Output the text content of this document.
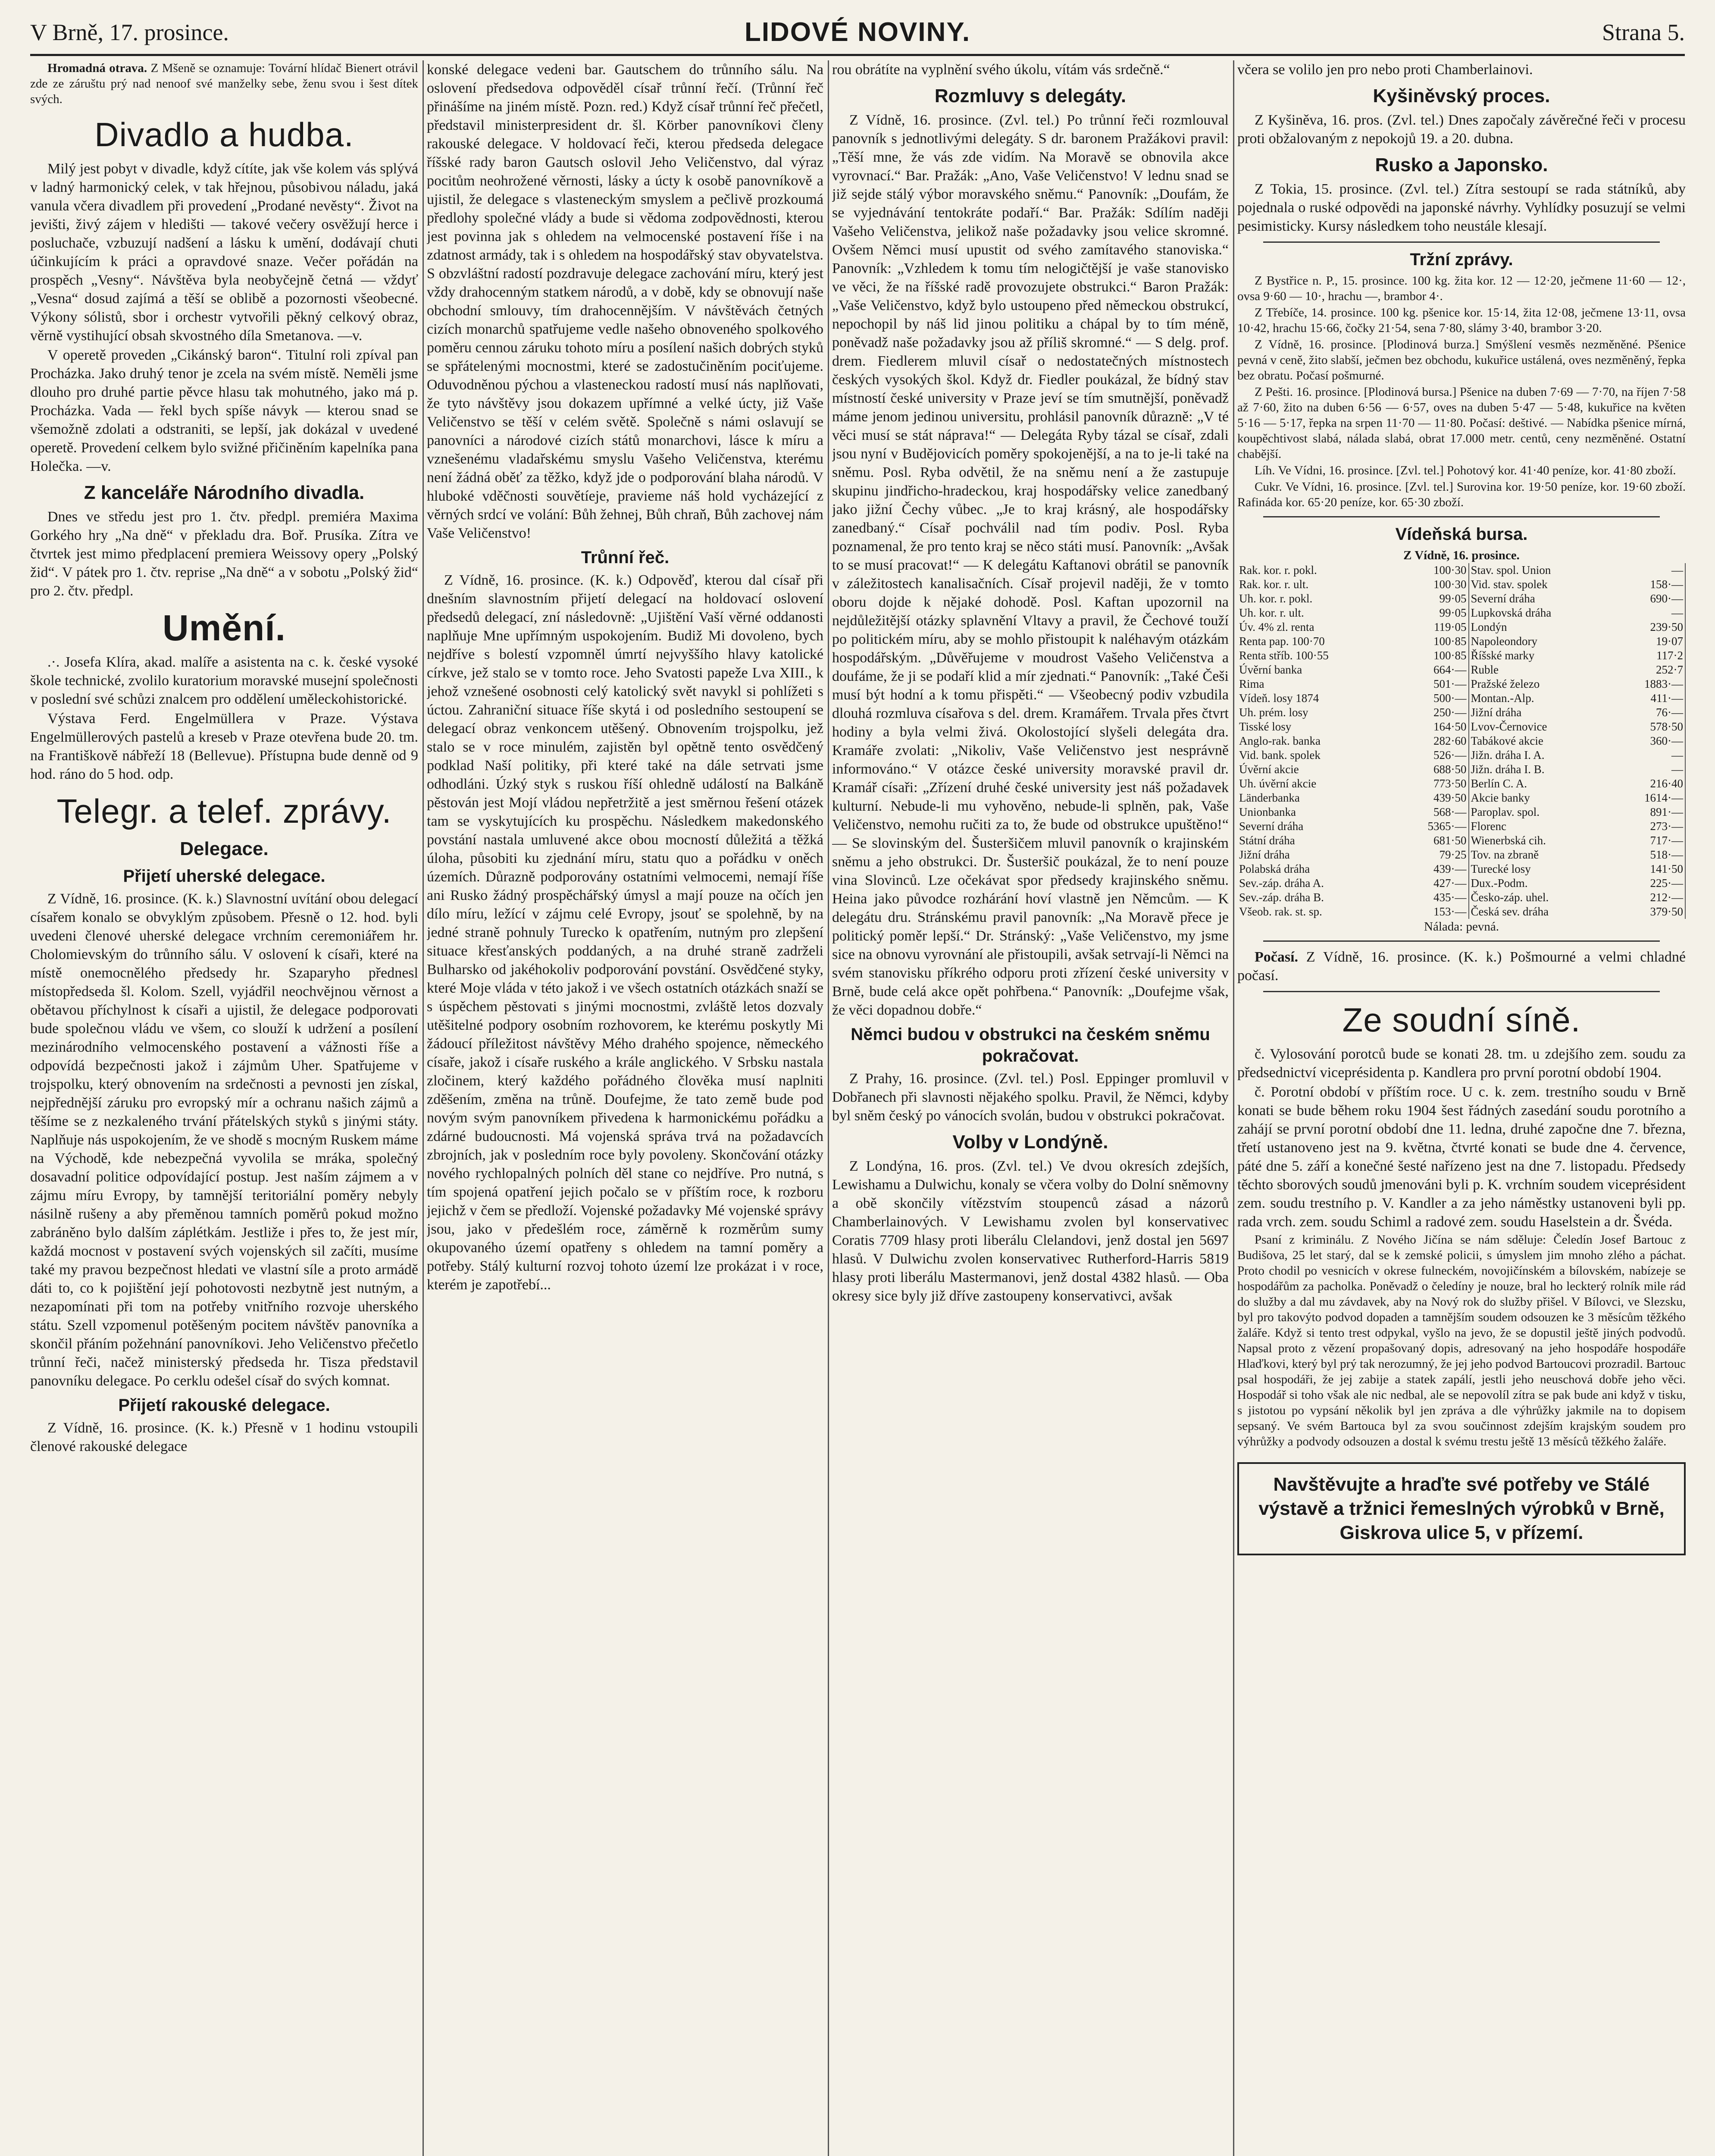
V Brně, 17. prosince.	LIDOVÉ NOVINY.	Strana 5.

Hromadná otrava. Z Mšeně se oznamuje: Tovární hlídač Bienert otrávil zde ze záruštu prý nad nenoof své manželky sebe, ženu svou i šest dítek svých.

Divadlo a hudba.

Milý jest pobyt v divadle, když cítíte, jak vše kolem vás splývá v ladný harmonický celek, v tak hřejnou, působivou náladu, jaká vanula včera divadlem při provedení „Prodané nevěsty“. Život na jevišti, živý zájem v hledišti — takové večery osvěžují herce i posluchače, vzbuzují nadšení a lásku k umění, dodávají chuti účinkujícím k práci a opravdové snaze. Večer pořádán na prospěch „Vesny“. Návštěva byla neobyčejně četná — vždyť „Vesna“ dosud zajímá a těší se oblibě a pozornosti všeobecné. Výkony sólistů, sbor i orchestr vytvořili pěkný celkový obraz, věrně vystihující obsah skvostného díla Smetanova. —v.

V operetě proveden „Cikánský baron“. Titulní roli zpíval pan Procházka. Jako druhý tenor je zcela na svém místě. Neměli jsme dlouho pro druhé partie pěvce hlasu tak mohutného, jako má p. Procházka. Vada — řekl bych spíše návyk — kterou snad se všemožně zdolati a odstraniti, se lepší, jak dokázal v uvedené operetě. Provedení celkem bylo svižné přičiněním kapelníka pana Holečka. —v.

Z kanceláře Národního divadla.

Dnes ve středu jest pro 1. čtv. předpl. premiéra Maxima Gorkého hry „Na dně“ v překladu dra. Boř. Prusíka. Zítra ve čtvrtek jest mimo předplacení premiera Weissovy opery „Polský žid“. V pátek pro 1. čtv. reprise „Na dně“ a v sobotu „Polský žid“ pro 2. čtv. předpl.

Umění.

.·. Josefa Klíra, akad. malíře a asistenta na c. k. české vysoké škole technické, zvolilo kuratorium moravské musejní společnosti v poslední své schůzi znalcem pro oddělení uměleckohistorické.

Výstava Ferd. Engelmüllera v Praze. Výstava Engelmüllerových pastelů a kreseb v Praze otevřena bude 20. tm. na Františkově nábřeží 18 (Bellevue). Přístupna bude denně od 9 hod. ráno do 5 hod. odp.

Telegr. a telef. zprávy.
Delegace.
Přijetí uherské delegace.

Z Vídně, 16. prosince. (K. k.) Slavnostní uvítání obou delegací císařem konalo se obvyklým způsobem. Přesně o 12. hod. byli uvedeni členové uherské delegace vrchním ceremoniářem hr. Cholomievským do trůnního sálu. V oslovení k císaři, které na místě onemocnělého předsedy hr. Szaparyho přednesl místopředseda šl. Kolom. Szell, vyjádřil neochvějnou věrnost a obětavou příchylnost k císaři a ujistil, že delegace podporovati bude společnou vládu ve všem, co slouží k udržení a posílení mezinárodního velmocenského postavení a vážnosti říše a odpovídá bezpečnosti jakož i zájmům Uher. Spatřujeme v trojspolku, který obnovením na srdečnosti a pevnosti jen získal, nejpřednější záruku pro evropský mír a ochranu našich zájmů a těšíme se z nezkaleného trvání přátelských styků s jinými státy. Naplňuje nás uspokojením, že ve shodě s mocným Ruskem máme na Východě, kde nebezpečná vyvolila se mráka, společný dosavadní politice odpovídající postup. Jest naším zájmem a v zájmu míru Evropy, by tamnější teritoriální poměry nebyly násilně rušeny a aby přeměnou tamních poměrů pokud možno zabráněno bylo dalším záplétkám. Jestliže i přes to, že jest mír, každá mocnost v postavení svých vojenských sil začíti, musíme také my pravou bezpečnost hledati ve vlastní síle a proto armádě dáti to, co k pojištění její pohotovosti nezbytně jest nutným, a nezapomínati při tom na potřeby vnitřního rozvoje uherského státu. Szell vzpomenul potěšeným pocitem návštěv panovníka a skončil přáním požehnání panovníkovi. Jeho Veličenstvo přečetlo trůnní řeči, načež ministerský předseda hr. Tisza představil panovníku delegace. Po cerklu odešel císař do svých komnat.

Přijetí rakouské delegace.

Z Vídně, 16. prosince. (K. k.) Přesně v 1 hodinu vstoupili členové rakouské delegace

konské delegace vedeni bar. Gautschem do trůnního sálu. Na oslovení předsedova odpověděl císař trůnní řečí. (Trůnní řeč přinášíme na jiném místě. Pozn. red.) Když císař trůnní řeč přečetl, představil ministerpresident dr. šl. Körber panovníkovi členy rakouské delegace. V holdovací řeči, kterou předseda delegace říšské rady baron Gautsch oslovil Jeho Veličenstvo, dal výraz pocitům neohrožené věrnosti, lásky a úcty k osobě panovníkově a ujistil, že delegace s vlasteneckým smyslem a pečlivě prozkoumá předlohy společné vlády a bude si vědoma zodpovědnosti, kterou jest povinna jak s ohledem na velmocenské postavení říše i na zdatnost armády, tak i s ohledem na hospodářský stav obyvatelstva. S obzvláštní radostí pozdravuje delegace zachování míru, který jest vždy drahocenným statkem národů, a v době, kdy se obnovují naše obchodní smlouvy, tím drahocennějším. V návštěvách četných cizích monarchů spatřujeme vedle našeho obnoveného spolkového poměru cennou záruku tohoto míru a posílení našich dobrých styků se spřátelenými mocnostmi, které se zadostučiněním pociťujeme. Oduvodněnou pýchou a vlasteneckou radostí musí nás naplňovati, že tyto návštěvy jsou dokazem upřímné a velké úcty, již Vaše Veličenstvo se těší v celém světě. Společně s námi oslavují se panovníci a národové cizích států monarchovi, lásce k míru a vznešenému vladařskému smyslu Vašeho Veličenstva, kterému není žádná oběť za těžko, když jde o podporování blaha národů. V hluboké vděčnosti souvětíeje, pravieme náš hold vycházející z věrných srdcí ve volání: Bůh žehnej, Bůh chraň, Bůh zachovej nám Vaše Veličenstvo!

Trůnní řeč.

Z Vídně, 16. prosince. (K. k.) Odpověď, kterou dal císař při dnešním slavnostním přijetí delegací na holdovací oslovení předsedů delegací, zní následovně: „Ujištění Vaší věrné oddanosti naplňuje Mne upřímným uspokojením. Budiž Mi dovoleno, bych nejdříve s bolestí vzpomněl úmrtí nejvyššího hlavy katolické církve, jež stalo se v tomto roce. Jeho Svatosti papeže Lva XIII., k jehož vznešené osobnosti celý katolický svět navykl si pohlížeti s úctou. Zahraniční situace říše skytá i od posledního sestoupení se delegací obraz venkoncem utěšený. Obnovením trojspolku, jež stalo se v roce minulém, zajistěn byl opětně tento osvědčený podklad Naší politiky, při které také na dále setrvati jsme odhodláni. Úzký styk s ruskou říší ohledně událostí na Balkáně pěstován jest Mojí vládou nepřetržitě a jest směrnou řešení otázek tam se vyskytujících ku prospěchu. Následkem makedonského povstání nastala umluvené akce obou mocností důležitá a těžká úloha, působiti ku zjednání míru, statu quo a pořádku v oněch územích. Důrazně podporovány ostatními velmocemi, nemají říše ani Rusko žádný prospěchářský úmysl a mají pouze na očích jen dílo míru, ležící v zájmu celé Evropy, jsouť se spolehně, by na jedné straně pohnuly Turecko k opatřením, nutným pro zlepšení situace křesťanských poddaných, a na druhé straně zadrželi Bulharsko od jakéhokoliv podporování povstání. Osvědčené styky, které Moje vláda v této jakož i ve všech ostatních otázkách snaží se s úspěchem pěstovati s jinými mocnostmi, zvláště letos dozvaly utěšitelné podpory osobním rozhovorem, ke kterému poskytly Mi žádoucí příležitost návštěvy Mého drahého spojence, německého císaře, jakož i císaře ruského a krále anglického. V Srbsku nastala zločinem, který každého pořádného člověka musí naplniti zděšením, změna na trůně. Doufejme, že tato země bude pod novým svým panovníkem přivedena k harmonickému pořádku a zdárné budoucnosti. Má vojenská správa trvá na požadavcích zbrojních, jak v posledním roce byly povoleny. Skončování otázky nového rychlopalných polních děl stane co nejdříve. Pro nutná, s tím spojená opatření jejich počalo se v příštím roce, k rozboru jejichž v čem se předloží. Vojenské požadavky Mé vojenské správy jsou, jako v předešlém roce, záměrně k rozměrům sumy okupovaného území opatřeny s ohledem na tamní poměry a potřeby. Stálý kulturní rozvoj tohoto území lze prokázat i v roce, kterém je zapotřebí...

rou obrátíte na vyplnění svého úkolu, vítám vás srdečně.“

Rozmluvy s delegáty.

Z Vídně, 16. prosince. (Zvl. tel.) Po trůnní řeči rozmlouval panovník s jednotlivými delegáty. S dr. baronem Pražákovi pravil: „Těší mne, že vás zde vidím. Na Moravě se obnovila akce vyrovnací.“ Bar. Pražák: „Ano, Vaše Veličenstvo! V lednu snad se již sejde stálý výbor moravského sněmu.“ Panovník: „Doufám, že se vyjednávání tentokráte podaří.“ Bar. Pražák: Sdílím naději Vašeho Veličenstva, jelikož naše požadavky jsou velice skromné. Ovšem Němci musí upustit od svého zamítavého stanoviska.“ Panovník: „Vzhledem k tomu tím nelogičtější je vaše stanovisko ve věci, že na říšské radě provozujete obstrukci.“ Baron Pražák: „Vaše Veličenstvo, když bylo ustoupeno před německou obstrukcí, nepochopil by náš lid jinou politiku a chápal by to tím méně, poněvadž naše požadavky jsou až příliš skromné.“ — S delg. prof. drem. Fiedlerem mluvil císař o nedostatečných místnostech českých vysokých škol. Když dr. Fiedler poukázal, že bídný stav místností české university v Praze jeví se tím smutnější, poněvadž máme jenom jedinou universitu, prohlásil panovník důrazně: „V té věci musí se stát náprava!“ — Delegáta Ryby tázal se císař, zdali jsou nyní v Budějovicích poměry spokojenější, a na to je-li také na sněmu. Posl. Ryba odvětil, že na sněmu není a že zastupuje skupinu jindřicho-hradeckou, kraj hospodářsky velice zanedbaný jako jižní Čechy vůbec. „Je to kraj krásný, ale hospodářsky zanedbaný.“ Císař pochválil nad tím podiv. Posl. Ryba poznamenal, že pro tento kraj se něco státi musí. Panovník: „Avšak to se musí pracovat!“ — K delegátu Kaftanovi obrátil se panovník v záležitostech kanalisačních. Císař projevil naději, že v tomto oboru dojde k nějaké dohodě. Posl. Kaftan upozornil na nejdůležitější otázky splavnění Vltavy a pravil, že Čechové touží po politickém míru, aby se mohlo přistoupit k naléhavým otázkám hospodářským. „Důvěřujeme v moudrost Vašeho Veličenstva a doufáme, že ji se podaří klid a mír zjednati.“ Panovník: „Také Češi musí být hodní a k tomu přispěti.“ — Všeobecný podiv vzbudila dlouhá rozmluva císařova s del. drem. Kramářem. Trvala přes čtvrt hodiny a byla velmi živá. Okolostojící slyšeli delegáta dra. Kramáře zvolati: „Nikoliv, Vaše Veličenstvo jest nesprávně informováno.“ V otázce české university moravské pravil dr. Kramář císaři: „Zřízení druhé české university jest náš požadavek kulturní. Nebude-li mu vyhověno, nebude-li splněn, pak, Vaše Veličenstvo, nemohu ručiti za to, že bude od obstrukce upuštěno!“ — Se slovinským del. Šusteršičem mluvil panovník o krajinském sněmu a jeho obstrukci. Dr. Šusteršič poukázal, že to není pouze vina Slovinců. Lze očekávat spor předsedy krajinského sněmu. Heina jako původce rozhárání hoví vlastně jen Němcům. — K delegátu dru. Stránskému pravil panovník: „Na Moravě přece je politický poměr lepší.“ Dr. Stránský: „Vaše Veličenstvo, my jsme sice na obnovu vyrovnání ale přistoupili, avšak setrvají-li Němci na svém stanovisku příkrého odporu proti zřízení české university v Brně, bude celá akce opět pohřbena.“ Panovník: „Doufejme však, že věci dopadnou dobře.“

Němci budou v obstrukci na českém sněmu pokračovat.

Z Prahy, 16. prosince. (Zvl. tel.) Posl. Eppinger promluvil v Dobřanech při slavnosti nějakého spolku. Pravil, že Němci, kdyby byl sněm český po vánocích svolán, budou v obstrukci pokračovat.

Volby v Londýně.

Z Londýna, 16. pros. (Zvl. tel.) Ve dvou okresích zdejších, Lewishamu a Dulwichu, konaly se včera volby do Dolní sněmovny a obě skončily vítězstvím stoupenců zásad a názorů Chamberlainových. V Lewishamu zvolen byl konservativec Coratis 7709 hlasy proti liberálu Clelandovi, jenž dostal jen 5697 hlasů. V Dulwichu zvolen konservativec Rutherford-Harris 5819 hlasy proti liberálu Mastermanovi, jenž dostal 4382 hlasů. — Oba okresy sice byly již dříve zastoupeny konservativci, avšak

včera se volilo jen pro nebo proti Chamberlainovi.

Kyšiněvský proces.

Z Kyšiněva, 16. pros. (Zvl. tel.) Dnes započaly závěrečné řeči v procesu proti obžalovaným z nepokojů 19. a 20. dubna.

Rusko a Japonsko.

Z Tokia, 15. prosince. (Zvl. tel.) Zítra sestoupí se rada státníků, aby pojednala o ruské odpovědi na japonské návrhy. Vyhlídky posuzují se velmi pesimisticky. Kursy následkem toho neustále klesají.

Tržní zprávy.

Z Bystřice n. P., 15. prosince. 100 kg. žita kor. 12 — 12·20, ječmene 11·60 — 12·, ovsa 9·60 — 10·, hrachu —, brambor 4·.

Z Třebíče, 14. prosince. 100 kg. pšenice kor. 15·14, žita 12·08, ječmene 13·11, ovsa 10·42, hrachu 15·66, čočky 21·54, sena 7·80, slámy 3·40, brambor 3·20.

Z Vídně, 16. prosince. [Plodinová burza.] Smýšlení vesměs nezměněné. Pšenice pevná v ceně, žito slabší, ječmen bez obchodu, kukuřice ustálená, oves nezměněný, řepka bez obratu. Počasí pošmurné.

Z Pešti. 16. prosince. [Plodinová bursa.] Pšenice na duben 7·69 — 7·70, na říjen 7·58 až 7·60, žito na duben 6·56 — 6·57, oves na duben 5·47 — 5·48, kukuřice na květen 5·16 — 5·17, řepka na srpen 11·70 — 11·80. Počasí: deštivé. — Nabídka pšenice mírná, koupěchtivost slabá, nálada slabá, obrat 17.000 metr. centů, ceny nezměněné. Ostatní chabější.

Líh. Ve Vídni, 16. prosince. [Zvl. tel.] Pohotový kor. 41·40 peníze, kor. 41·80 zboží.

Cukr. Ve Vídni, 16. prosince. [Zvl. tel.] Surovina kor. 19·50 peníze, kor. 19·60 zboží. Rafináda kor. 65·20 peníze, kor. 65·30 zboží.

Vídeňská bursa.
Z Vídně, 16. prosince.
Rak. kor. r. pokl.	100·30	Stav. spol. Union	—
Rak. kor. r. ult.	100·30	Vid. stav. spolek	158·—
Uh. kor. r. pokl.	99·05	Severní dráha	690·—
Uh. kor. r. ult.	99·05	Lupkovská dráha	—
Úv. 4% zl. renta	119·05	Londýn	239·50
Renta pap. 100·70	100·85	Napoleondory	19·07
Renta stříb. 100·55	100·85	Říšské marky	117·2
Úvěrní banka	664·—	Ruble	252·7
Rima	501·—	Pražské železo	1883·—
Vídeň. losy 1874	500·—	Montan.-Alp.	411·—
Uh. prém. losy	250·—	Jižní dráha	76·—
Tisské losy	164·50	Lvov-Černovice	578·50
Anglo-rak. banka	282·60	Tabákové akcie	360·—
Vid. bank. spolek	526·—	Jižn. dráha I. A.	—
Úvěrní akcie	688·50	Jižn. dráha I. B.	—
Uh. úvěrní akcie	773·50	Berlín C. A.	216·40
Länderbanka	439·50	Akcie banky	1614·—
Unionbanka	568·—	Paroplav. spol.	891·—
Severní dráha	5365·—	Florenc	273·—
Státní dráha	681·50	Wienerbská cih.	717·—
Jižní dráha	79·25	Tov. na zbraně	518·—
Polabská dráha	439·—	Turecké losy	141·50
Sev.-záp. dráha A.	427·—	Dux.-Podm.	225·—
Sev.-záp. dráha B.	435·—	Česko-záp. uhel.	212·—
Všeob. rak. st. sp.	153·—	Česká sev. dráha	379·50
Nálada: pevná.

Počasí. Z Vídně, 16. prosince. (K. k.) Pošmourné a velmi chladné počasí.

Ze soudní síně.

č. Vylosování porotců bude se konati 28. tm. u zdejšího zem. soudu za předsednictví viceprésidenta p. Kandlera pro první porotní období 1904.

č. Porotní období v příštím roce. U c. k. zem. trestního soudu v Brně konati se bude během roku 1904 šest řádných zasedání soudu porotního a zahájí se první porotní období dne 11. ledna, druhé započne dne 7. března, třetí ustanoveno jest na 9. května, čtvrté konati se bude dne 4. července, páté dne 5. září a konečné šesté nařízeno jest na dne 7. listopadu. Předsedy těchto sborových soudů jmenováni byli p. K. vrchním soudem viceprésident zem. soudu trestního p. V. Kandler a za jeho náměstky ustanoveni byli pp. rada vrch. zem. soudu Schiml a radové zem. soudu Haselstein a dr. Švéda.

Psaní z kriminálu. Z Nového Jičína se nám sděluje: Čeledín Josef Bartouc z Budišova, 25 let starý, dal se k zemské policii, s úmyslem jim mnoho zlého a páchat. Proto chodil po vesnicích v okrese fulneckém, novojičínském a bílovském, nabízeje se hospodářům za pacholka. Poněvadž o čeledíny je nouze, bral ho leckterý rolník mile rád do služby a dal mu závdavek, aby na Nový rok do služby přišel. V Bílovci, ve Slezsku, byl pro takovýto podvod dopaden a tamnějším soudem odsouzen ke 3 měsícům těžkého žaláře. Když si tento trest odpykal, vyšlo na jevo, že se dopustil ještě jiných podvodů. Napsal proto z vězení propašovaný dopis, adresovaný na jeho hospodáře hospodáře Hlaďkovi, který byl prý tak nerozumný, že jej jeho podvod Bartoucovi prozradil. Bartouc psal hospodáři, že jej zabije a statek zapálí, jestli jeho neuschová dobře jeho věci. Hospodář si toho však ale nic nedbal, ale se nepovolíl zítra se pak bude ani když v tisku, s jistotou po vypsání několik byl jen zpráva a dle výhrůžky jakmile na to dopisem sepsaný. Ve svém Bartouca byl za svou součinnost zdejším krajským soudem pro výhrůžky a podvody odsouzen a dostal k svému trestu ještě 13 měsíců těžkého žaláře.

Navštěvujte a hraďte své potřeby ve Stálé výstavě a tržnici řemeslných výrobků v Brně, Giskrova ulice 5, v přízemí.
